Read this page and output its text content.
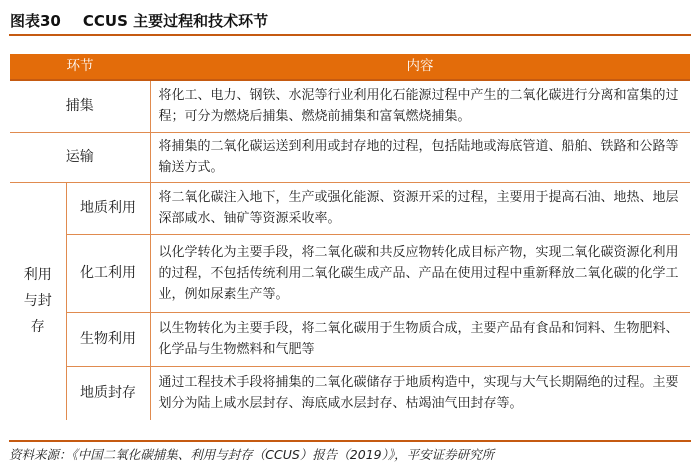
图表30 CCUS 主要过程和技术环节
环节		内容
捕集		将化工、电力、钢铁、水泥等行业利用化石能源过程中产生的二氧化碳进行分离和富集的过程；可分为燃烧后捕集、燃烧前捕集和富氧燃烧捕集。
运输		将捕集的二氧化碳运送到利用或封存地的过程，包括陆地或海底管道、船舶、铁路和公路等输送方式。
利用与封存	地质利用	将二氧化碳注入地下，生产或强化能源、资源开采的过程，主要用于提高石油、地热、地层深部咸水、铀矿等资源采收率。
	化工利用	以化学转化为主要手段，将二氧化碳和共反应物转化成目标产物，实现二氧化碳资源化利用的过程，不包括传统利用二氧化碳生成产品、产品在使用过程中重新释放二氧化碳的化学工业，例如尿素生产等。
	生物利用	以生物转化为主要手段，将二氧化碳用于生物质合成，主要产品有食品和饲料、生物肥料、化学品与生物燃料和气肥等
	地质封存	通过工程技术手段将捕集的二氧化碳储存于地质构造中，实现与大气长期隔绝的过程。主要划分为陆上咸水层封存、海底咸水层封存、枯竭油气田封存等。
资料来源：《中国二氧化碳捕集、利用与封存（CCUS）报告（2019）》，平安证券研究所
